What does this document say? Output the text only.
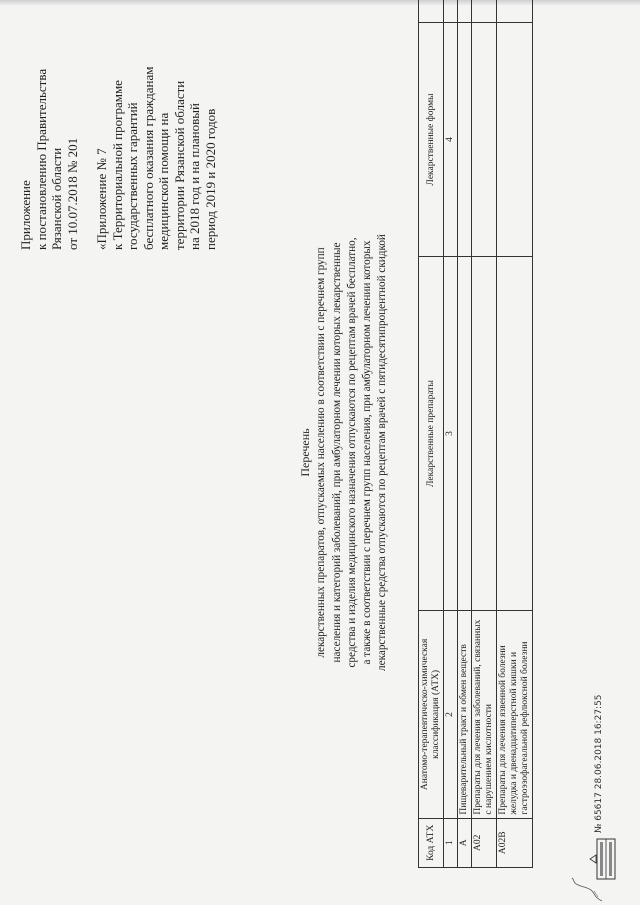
Приложение к постановлению Правительства Рязанской области от 10.07.2018 № 201 «Приложение № 7 к Территориальной программе государственных гарантий бесплатного оказания гражданам медицинской помощи на территории Рязанской области на 2018 год и на плановый период 2019 и 2020 годов
Перечень лекарственных препаратов, отпускаемых населению в соответствии с перечнем групп населения и категорий заболеваний, при амбулаторном лечении которых лекарственные средства и изделия медицинского назначения отпускаются по рецептам врачей бесплатно, а также в соответствии с перечнем групп населения, при амбулаторном лечении которых лекарственные средства отпускаются по рецептам врачей с пятидесятипроцентной скидкой
Код АТХ	Анатомо-терапевтическо-химическая классификация (АТХ)	Лекарственные препараты	Лекарственные формы	
1	2	3	4	
А	Пищеварительный тракт и обмен веществ			
А02	Препараты для лечения заболеваний, связанных с нарушением кислотности			
А02В	Препараты для лечения язвенной болезни желудка и двенадцатиперстной кишки и гастроэзофагеальной рефлюксной болезни				№ 65617 28.06.2018 16:27:55
